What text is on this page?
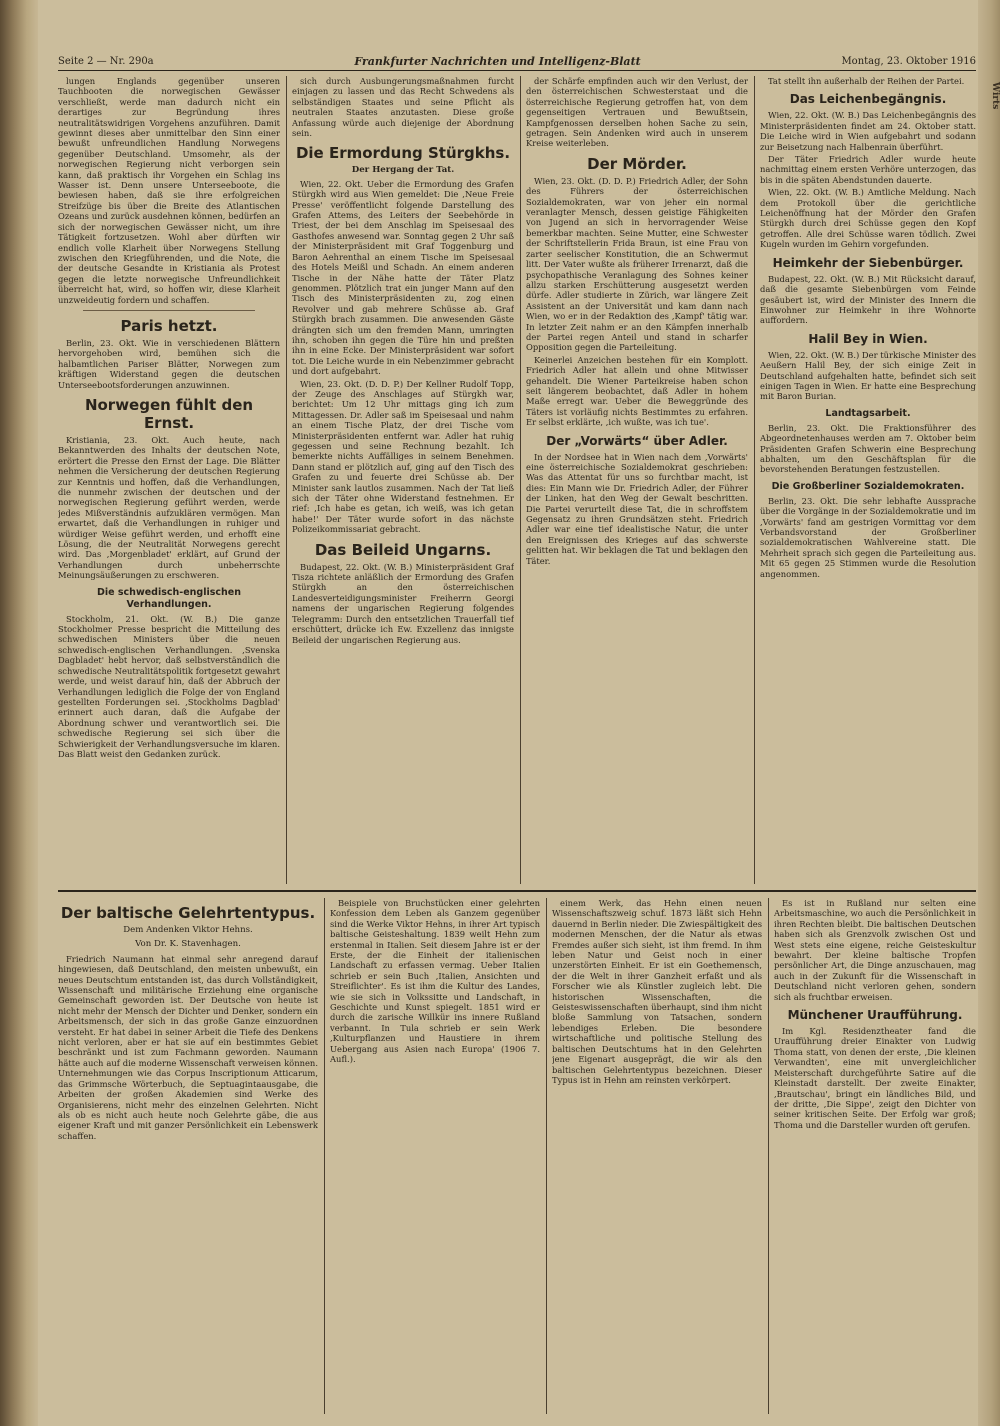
Wirts
Seite 2 — Nr. 290a	Frankfurter Nachrichten und Intelligenz-Blatt	Montag, 23. Oktober 1916

lungen Englands gegenüber unseren Tauchbooten die norwegischen Gewässer verschließt, werde man dadurch nicht ein derartiges zur Begründung ihres neutralitätswidrigen Vorgehens anzuführen. Damit gewinnt dieses aber unmittelbar den Sinn einer bewußt unfreundlichen Handlung Norwegens gegenüber Deutschland. Umsomehr, als der norwegischen Regierung nicht verborgen sein kann, daß praktisch ihr Vorgehen ein Schlag ins Wasser ist. Denn unsere Unterseeboote, die bewiesen haben, daß sie ihre erfolgreichen Streifzüge bis über die Breite des Atlantischen Ozeans und zurück ausdehnen können, bedürfen an sich der norwegischen Gewässer nicht, um ihre Tätigkeit fortzusetzen. Wohl aber dürften wir endlich volle Klarheit über Norwegens Stellung zwischen den Kriegführenden, und die Note, die der deutsche Gesandte in Kristiania als Protest gegen die letzte norwegische Unfreundlichkeit überreicht hat, wird, so hoffen wir, diese Klarheit unzweideutig fordern und schaffen.

Paris hetzt.

Berlin, 23. Okt. Wie in verschiedenen Blättern hervorgehoben wird, bemühen sich die halbamtlichen Pariser Blätter, Norwegen zum kräftigen Widerstand gegen die deutschen Unterseebootsforderungen anzuwinnen.

Norwegen fühlt den Ernst.

Kristiania, 23. Okt. Auch heute, nach Bekanntwerden des Inhalts der deutschen Note, erörtert die Presse den Ernst der Lage. Die Blätter nehmen die Versicherung der deutschen Regierung zur Kenntnis und hoffen, daß die Verhandlungen, die nunmehr zwischen der deutschen und der norwegischen Regierung geführt werden, werde jedes Mißverständnis aufzuklären vermögen. Man erwartet, daß die Verhandlungen in ruhiger und würdiger Weise geführt werden, und erhofft eine Lösung, die der Neutralität Norwegens gerecht wird. Das ,Morgenbladet' erklärt, auf Grund der Verhandlungen durch unbeherrschte Meinungsäußerungen zu erschweren.

Die schwedisch-englischen Verhandlungen.

Stockholm, 21. Okt. (W. B.) Die ganze Stockholmer Presse bespricht die Mitteilung des schwedischen Ministers über die neuen schwedisch-englischen Verhandlungen. ,Svenska Dagbladet' hebt hervor, daß selbstverständlich die schwedische Neutralitätspolitik fortgesetzt gewahrt werde, und weist darauf hin, daß der Abbruch der Verhandlungen lediglich die Folge der von England gestellten Forderungen sei. ,Stockholms Dagblad' erinnert auch daran, daß die Aufgabe der Abordnung schwer und verantwortlich sei. Die schwedische Regierung sei sich über die Schwierigkeit der Verhandlungsversuche im klaren. Das Blatt weist den Gedanken zurück.

sich durch Ausbungerungsmaßnahmen furcht einjagen zu lassen und das Recht Schwedens als selbständigen Staates und seine Pflicht als neutralen Staates anzutasten. Diese große Anfassung würde auch diejenige der Abordnung sein.

Die Ermordung Stürgkhs.
Der Hergang der Tat.

Wien, 22. Okt. Ueber die Ermordung des Grafen Stürgkh wird aus Wien gemeldet: Die ,Neue Freie Presse' veröffentlicht folgende Darstellung des Grafen Attems, des Leiters der Seebehörde in Triest, der bei dem Anschlag im Speisesaal des Gasthofes anwesend war. Sonntag gegen 2 Uhr saß der Ministerpräsident mit Graf Toggenburg und Baron Aehrenthal an einem Tische im Speisesaal des Hotels Meißl und Schadn. An einem anderen Tische in der Nähe hatte der Täter Platz genommen. Plötzlich trat ein junger Mann auf den Tisch des Ministerpräsidenten zu, zog einen Revolver und gab mehrere Schüsse ab. Graf Stürgkh brach zusammen. Die anwesenden Gäste drängten sich um den fremden Mann, umringten ihn, schoben ihn gegen die Türe hin und preßten ihn in eine Ecke. Der Ministerpräsident war sofort tot. Die Leiche wurde in ein Nebenzimmer gebracht und dort aufgebahrt.

Wien, 23. Okt. (D. D. P.) Der Kellner Rudolf Topp, der Zeuge des Anschlages auf Stürgkh war, berichtet: Um 12 Uhr mittags ging ich zum Mittagessen. Dr. Adler saß im Speisesaal und nahm an einem Tische Platz, der drei Tische vom Ministerpräsidenten entfernt war. Adler hat ruhig gegessen und seine Rechnung bezahlt. Ich bemerkte nichts Auffälliges in seinem Benehmen. Dann stand er plötzlich auf, ging auf den Tisch des Grafen zu und feuerte drei Schüsse ab. Der Minister sank lautlos zusammen. Nach der Tat ließ sich der Täter ohne Widerstand festnehmen. Er rief: ,Ich habe es getan, ich weiß, was ich getan habe!' Der Täter wurde sofort in das nächste Polizeikommissariat gebracht.

Das Beileid Ungarns.

Budapest, 22. Okt. (W. B.) Ministerpräsident Graf Tisza richtete anläßlich der Ermordung des Grafen Stürgkh an den österreichischen Landesverteidigungsminister Freiherrn Georgi namens der ungarischen Regierung folgendes Telegramm: Durch den entsetzlichen Trauerfall tief erschüttert, drücke ich Ew. Exzellenz das innigste Beileid der ungarischen Regierung aus.

der Schärfe empfinden auch wir den Verlust, der den österreichischen Schwesterstaat und die österreichische Regierung getroffen hat, von dem gegenseitigen Vertrauen und Bewußtsein, Kampfgenossen derselben hohen Sache zu sein, getragen. Sein Andenken wird auch in unserem Kreise weiterleben.

Der Mörder.

Wien, 23. Okt. (D. D. P.) Friedrich Adler, der Sohn des Führers der österreichischen Sozialdemokraten, war von jeher ein normal veranlagter Mensch, dessen geistige Fähigkeiten von Jugend an sich in hervorragender Weise bemerkbar machten. Seine Mutter, eine Schwester der Schriftstellerin Frida Braun, ist eine Frau von zarter seelischer Konstitution, die an Schwermut litt. Der Vater wußte als früherer Irrenarzt, daß die psychopathische Veranlagung des Sohnes keiner allzu starken Erschütterung ausgesetzt werden dürfe. Adler studierte in Zürich, war längere Zeit Assistent an der Universität und kam dann nach Wien, wo er in der Redaktion des ,Kampf' tätig war. In letzter Zeit nahm er an den Kämpfen innerhalb der Partei regen Anteil und stand in scharfer Opposition gegen die Parteileitung.

Keinerlei Anzeichen bestehen für ein Komplott. Friedrich Adler hat allein und ohne Mitwisser gehandelt. Die Wiener Parteikreise haben schon seit längerem beobachtet, daß Adler in hohem Maße erregt war. Ueber die Beweggründe des Täters ist vorläufig nichts Bestimmtes zu erfahren. Er selbst erklärte, ,ich wußte, was ich tue'.

Der „Vorwärts“ über Adler.

In der Nordsee hat in Wien nach dem ,Vorwärts' eine österreichische Sozialdemokrat geschrieben: Was das Attentat für uns so furchtbar macht, ist dies: Ein Mann wie Dr. Friedrich Adler, der Führer der Linken, hat den Weg der Gewalt beschritten. Die Partei verurteilt diese Tat, die in schroffstem Gegensatz zu ihren Grundsätzen steht. Friedrich Adler war eine tief idealistische Natur, die unter den Ereignissen des Krieges auf das schwerste gelitten hat. Wir beklagen die Tat und beklagen den Täter.

Tat stellt ihn außerhalb der Reihen der Partei.

Das Leichenbegängnis.

Wien, 22. Okt. (W. B.) Das Leichenbegängnis des Ministerpräsidenten findet am 24. Oktober statt. Die Leiche wird in Wien aufgebahrt und sodann zur Beisetzung nach Halbenrain überführt.

Der Täter Friedrich Adler wurde heute nachmittag einem ersten Verhöre unterzogen, das bis in die späten Abendstunden dauerte.

Wien, 22. Okt. (W. B.) Amtliche Meldung. Nach dem Protokoll über die gerichtliche Leichenöffnung hat der Mörder den Grafen Stürgkh durch drei Schüsse gegen den Kopf getroffen. Alle drei Schüsse waren tödlich. Zwei Kugeln wurden im Gehirn vorgefunden.

Heimkehr der Siebenbürger.

Budapest, 22. Okt. (W. B.) Mit Rücksicht darauf, daß die gesamte Siebenbürgen vom Feinde gesäubert ist, wird der Minister des Innern die Einwohner zur Heimkehr in ihre Wohnorte auffordern.

Halil Bey in Wien.

Wien, 22. Okt. (W. B.) Der türkische Minister des Aeußern Halil Bey, der sich einige Zeit in Deutschland aufgehalten hatte, befindet sich seit einigen Tagen in Wien. Er hatte eine Besprechung mit Baron Burian.

Landtagsarbeit.

Berlin, 23. Okt. Die Fraktionsführer des Abgeordnetenhauses werden am 7. Oktober beim Präsidenten Grafen Schwerin eine Besprechung abhalten, um den Geschäftsplan für die bevorstehenden Beratungen festzustellen.

Die Großberliner Sozialdemokraten.

Berlin, 23. Okt. Die sehr lebhafte Aussprache über die Vorgänge in der Sozialdemokratie und im ,Vorwärts' fand am gestrigen Vormittag vor dem Verbandsvorstand der Großberliner sozialdemokratischen Wahlvereine statt. Die Mehrheit sprach sich gegen die Parteileitung aus. Mit 65 gegen 25 Stimmen wurde die Resolution angenommen.

Der baltische Gelehrtentypus.
Dem Andenken Viktor Hehns.
Von Dr. K. Stavenhagen.

Friedrich Naumann hat einmal sehr anregend darauf hingewiesen, daß Deutschland, den meisten unbewußt, ein neues Deutschtum entstanden ist, das durch Vollständigkeit, Wissenschaft und militärische Erziehung eine organische Gemeinschaft geworden ist. Der Deutsche von heute ist nicht mehr der Mensch der Dichter und Denker, sondern ein Arbeitsmensch, der sich in das große Ganze einzuordnen versteht. Er hat dabei in seiner Arbeit die Tiefe des Denkens nicht verloren, aber er hat sie auf ein bestimmtes Gebiet beschränkt und ist zum Fachmann geworden. Naumann hätte auch auf die moderne Wissenschaft verweisen können. Unternehmungen wie das Corpus Inscriptionum Atticarum, das Grimmsche Wörterbuch, die Septuagintaausgabe, die Arbeiten der großen Akademien sind Werke des Organisierens, nicht mehr des einzelnen Gelehrten. Nicht als ob es nicht auch heute noch Gelehrte gäbe, die aus eigener Kraft und mit ganzer Persönlichkeit ein Lebenswerk schaffen.

Beispiele von Bruchstücken einer gelehrten Konfession dem Leben als Ganzem gegenüber sind die Werke Viktor Hehns, in ihrer Art typisch baltische Geisteshaltung. 1839 weilt Hehn zum erstenmal in Italien. Seit diesem Jahre ist er der Erste, der die Einheit der italienischen Landschaft zu erfassen vermag. Ueber Italien schrieb er sein Buch ,Italien, Ansichten und Streiflichter'. Es ist ihm die Kultur des Landes, wie sie sich in Volkssitte und Landschaft, in Geschichte und Kunst spiegelt. 1851 wird er durch die zarische Willkür ins innere Rußland verbannt. In Tula schrieb er sein Werk ,Kulturpflanzen und Haustiere in ihrem Uebergang aus Asien nach Europa' (1906 7. Aufl.).

einem Werk, das Hehn einen neuen Wissenschaftszweig schuf. 1873 läßt sich Hehn dauernd in Berlin nieder. Die Zwiespältigkeit des modernen Menschen, der die Natur als etwas Fremdes außer sich sieht, ist ihm fremd. In ihm leben Natur und Geist noch in einer unzerstörten Einheit. Er ist ein Goethemensch, der die Welt in ihrer Ganzheit erfaßt und als Forscher wie als Künstler zugleich lebt. Die historischen Wissenschaften, die Geisteswissenschaften überhaupt, sind ihm nicht bloße Sammlung von Tatsachen, sondern lebendiges Erleben. Die besondere wirtschaftliche und politische Stellung des baltischen Deutschtums hat in den Gelehrten jene Eigenart ausgeprägt, die wir als den baltischen Gelehrtentypus bezeichnen. Dieser Typus ist in Hehn am reinsten verkörpert.

Es ist in Rußland nur selten eine Arbeitsmaschine, wo auch die Persönlichkeit in ihren Rechten bleibt. Die baltischen Deutschen haben sich als Grenzvolk zwischen Ost und West stets eine eigene, reiche Geisteskultur bewahrt. Der kleine baltische Tropfen persönlicher Art, die Dinge anzuschauen, mag auch in der Zukunft für die Wissenschaft in Deutschland nicht verloren gehen, sondern sich als fruchtbar erweisen.

Münchener Uraufführung.

Im Kgl. Residenztheater fand die Uraufführung dreier Einakter von Ludwig Thoma statt, von denen der erste, ,Die kleinen Verwandten', eine mit unvergleichlicher Meisterschaft durchgeführte Satire auf die Kleinstadt darstellt. Der zweite Einakter, ,Brautschau', bringt ein ländliches Bild, und der dritte, ,Die Sippe', zeigt den Dichter von seiner kritischen Seite. Der Erfolg war groß; Thoma und die Darsteller wurden oft gerufen.
